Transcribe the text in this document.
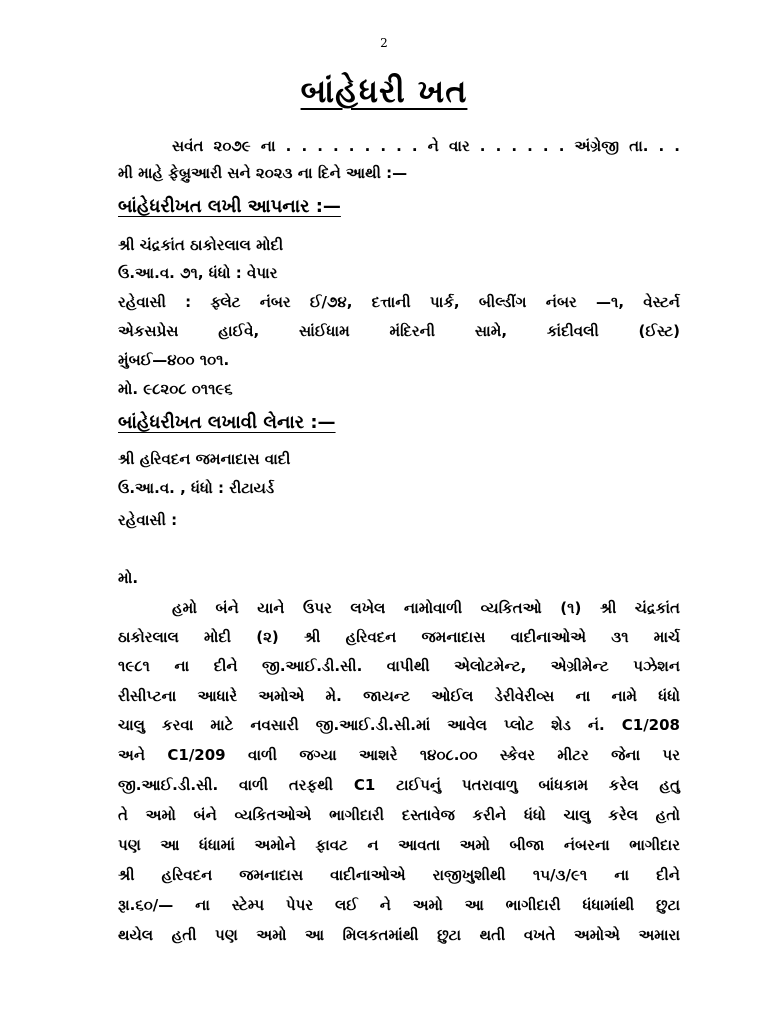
2
બાંહેધરી ખત
સવંત ૨૦૭૯ ના . . . . . . . . . ને વાર . . . . . . અંગ્રેજી તા. . .
મી માહે ફેબ્રુઆરી સને ૨૦૨૩ ના દિને આથી :—
બાંહેધરીખત લખી આપનાર :—
શ્રી ચંદ્રકાંત ઠાકોરલાલ મોદી
ઉ.આ.વ. ૭૧, ધંધો : વેપાર
રહેવાસી : ફ્લેટ નંબર ઈ/૭૪, દત્તાની પાર્ક, બીલ્ડીંગ નંબર —૧, વેસ્ટર્ન
એકસપ્રેસ હાઈવે, સાંઈધામ મંદિરની સામે, કાંદીવલી (ઈસ્ટ)
મુંબઈ—૪૦૦ ૧૦૧.
મો. ૯૮૨૦૮ ૦૧૧૯૬
બાંહેધરીખત લખાવી લેનાર :—
શ્રી હરિવદન જમનાદાસ વાદી
ઉ.આ.વ. , ધંધો : રીટાયર્ડ
રહેવાસી :
મો.
હમો બંને યાને ઉપર લખેલ નામોવાળી વ્યકિતઓ (૧) શ્રી ચંદ્રકાંત
ઠાકોરલાલ મોદી (૨) શ્રી હરિવદન જમનાદાસ વાદીનાઓએ ૩૧ માર્ચ
૧૯૮૧ ના દીને જી.આઈ.ડી.સી. વાપીથી એલોટમેન્ટ, એગ્રીમેન્ટ પઝેશન
રીસીપ્ટના આધારે અમોએ મે. જાયન્ટ ઓઈલ ડેરીવેરીવ્સ ના નામે ધંધો
ચાલુ કરવા માટે નવસારી જી.આઈ.ડી.સી.માં આવેલ પ્લોટ શેડ નં. C1/208
અને C1/209 વાળી જગ્યા આશરે ૧૪૦૮.૦૦ સ્કેવર મીટર જેના પર
જી.આઈ.ડી.સી. વાળી તરફથી C1 ટાઈપનું પતરાવાળુ બાંધકામ કરેલ હતુ
તે અમો બંને વ્યકિતઓએ ભાગીદારી દસ્તાવેજ કરીને ધંધો ચાલુ કરેલ હતો
પણ આ ધંધામાં અમોને ફાવટ ન આવતા અમો બીજા નંબરના ભાગીદાર
શ્રી હરિવદન જમનાદાસ વાદીનાઓએ રાજીખુશીથી ૧૫/૩/૯૧ ના દીને
રૂા.૬૦/— ના સ્ટેમ્પ પેપર લઈ ને અમો આ ભાગીદારી ધંધામાંથી છુટા
થયેલ હતી પણ અમો આ મિલકતમાંથી છુટા થતી વખતે અમોએ અમારા
